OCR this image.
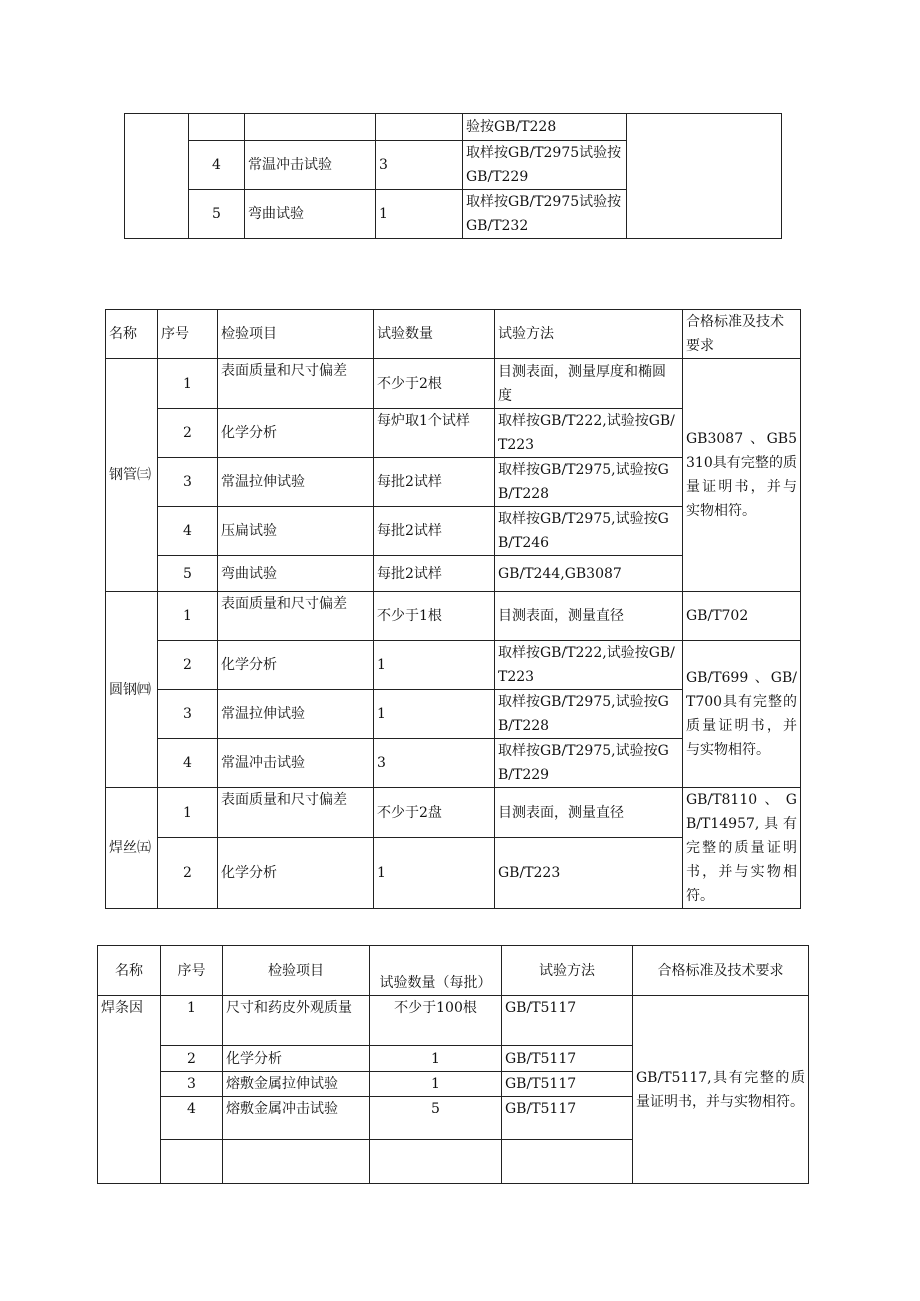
				验按GB/T228	
	4	常温冲击试验	3	取样按GB/T2975试验按GB/T229	
	5	弯曲试验	1	取样按GB/T2975试验按GB/T232	
名称	序号	检验项目	试验数量	试验方法	合格标准及技术要求
钢管㈢	1	表面质量和尺寸偏差	不少于2根	目测表面，测量厚度和椭圆度	GB3087 、GB5310具有完整的质量证明书，并与实物相符。
	2	化学分析	每炉取1个试样	取样按GB/T222,试验按GB/T223	
	3	常温拉伸试验	每批2试样	取样按GB/T2975,试验按GB/T228	
	4	压扁试验	每批2试样	取样按GB/T2975,试验按GB/T246	
	5	弯曲试验	每批2试样	GB/T244,GB3087	
圆钢㈣	1	表面质量和尺寸偏差	不少于1根	目测表面，测量直径	GB/T702
	2	化学分析	1	取样按GB/T222,试验按GB/T223	GB/T699 、GB/T700具有完整的质量证明书，并与实物相符。
	3	常温拉伸试验	1	取样按GB/T2975,试验按GB/T228	
	4	常温冲击试验	3	取样按GB/T2975,试验按GB/T229	
焊丝㈤	1	表面质量和尺寸偏差	不少于2盘	目测表面，测量直径	GB/T8110、GB/T14957,具有完整的质量证明书，并与实物相符。
	2	化学分析	1	GB/T223	
名称	序号	检验项目	试验数量（每批）	试验方法	合格标准及技术要求
焊条因	1	尺寸和药皮外观质量	不少于100根	GB/T5117	GB/T5117,具有完整的质量证明书，并与实物相符。
	2	化学分析	1	GB/T5117	
	3	熔敷金属拉伸试验	1	GB/T5117	
	4	熔敷金属冲击试验	5	GB/T5117	
